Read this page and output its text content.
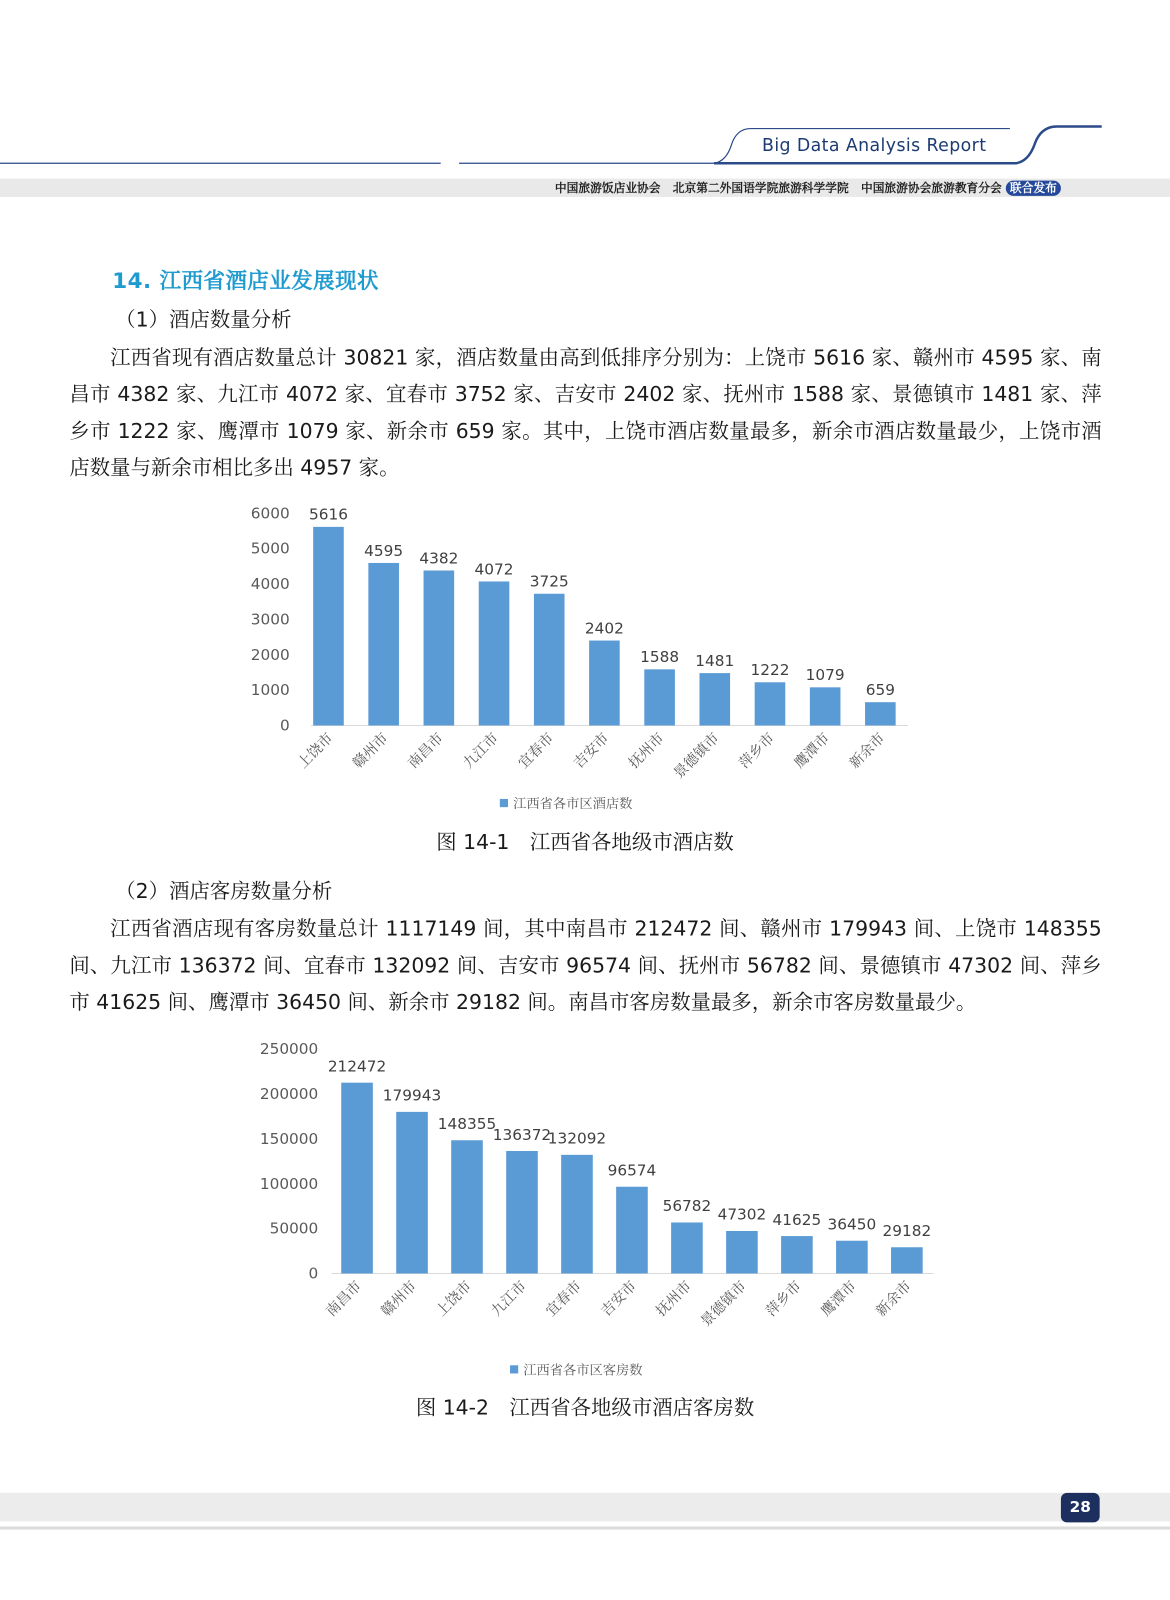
Big Data Analysis Report
中国旅游饭店业协会 北京第二外国语学院旅游科学学院 中国旅游协会旅游教育分会 联合发布
14. 江西省酒店业发展现状
（1）酒店数量分析
江西省现有酒店数量总计 30821 家，酒店数量由高到低排序分别为：上饶市 5616 家、赣州市 4595 家、南昌市 4382 家、九江市 4072 家、宜春市 3752 家、吉安市 2402 家、抚州市 1588 家、景德镇市 1481 家、萍乡市 1222 家、鹰潭市 1079 家、新余市 659 家。其中，上饶市酒店数量最多，新余市酒店数量最少，上饶市酒店数量与新余市相比多出 4957 家。
0
1000
2000
3000
4000
5000
6000 5616
上饶市
4595
赣州市
4382
南昌市
4072
九江市
3725
宜春市
2402
吉安市
1588
抚州市
1481
景德镇市
1222
萍乡市
1079
鹰潭市
659
新余市
江西省各市区酒店数
图 14-1　江西省各地级市酒店数
（2）酒店客房数量分析
江西省酒店现有客房数量总计 1117149 间，其中南昌市 212472 间、赣州市 179943 间、上饶市 148355 间、九江市 136372 间、宜春市 132092 间、吉安市 96574 间、抚州市 56782 间、景德镇市 47302 间、萍乡市 41625 间、鹰潭市 36450 间、新余市 29182 间。南昌市客房数量最多，新余市客房数量最少。
0
50000
100000
150000
200000
250000
212472
南昌市
179943
赣州市
148355
上饶市
136372
九江市
132092
宜春市
96574
吉安市
56782
抚州市
47302
景德镇市
41625
萍乡市
36450
鹰潭市
29182
新余市
江西省各市区客房数
图 14-2　江西省各地级市酒店客房数
28
